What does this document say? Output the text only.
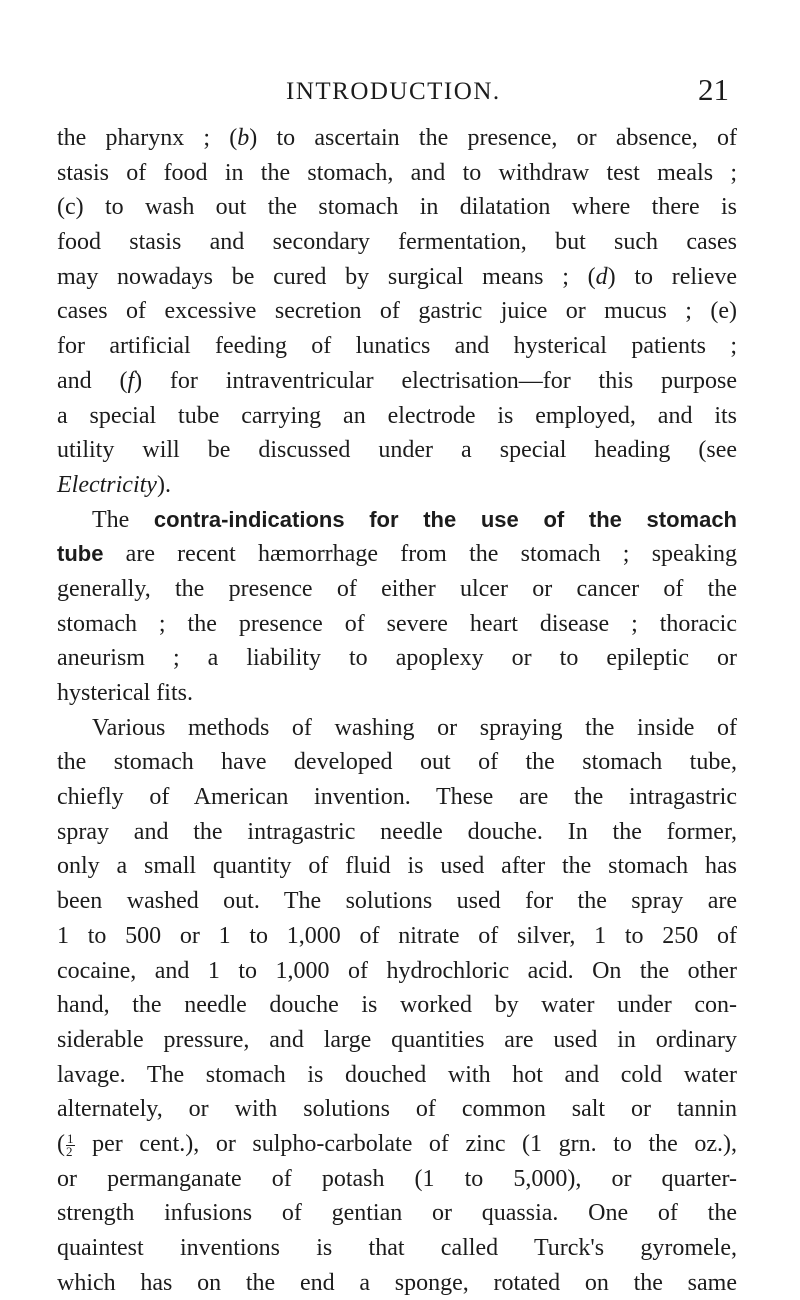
INTRODUCTION.	21
the pharynx ; (b) to ascertain the presence, or absence, of
stasis of food in the stomach, and to withdraw test meals ;
(c) to wash out the stomach in dilatation where there is
food stasis and secondary fermentation, but such cases
may nowadays be cured by surgical means ; (d) to relieve
cases of excessive secretion of gastric juice or mucus ; (e)
for artificial feeding of lunatics and hysterical patients ;
and (f) for intraventricular electrisation—for this purpose
a special tube carrying an electrode is employed, and its
utility will be discussed under a special heading (see
Electricity).
The contra-indications for the use of the stomach
tube are recent hæmorrhage from the stomach ; speaking
generally, the presence of either ulcer or cancer of the
stomach ; the presence of severe heart disease ; thoracic
aneurism ; a liability to apoplexy or to epileptic or
hysterical fits.
Various methods of washing or spraying the inside of
the stomach have developed out of the stomach tube,
chiefly of American invention. These are the intragastric
spray and the intragastric needle douche. In the former,
only a small quantity of fluid is used after the stomach has
been washed out. The solutions used for the spray are
1 to 500 or 1 to 1,000 of nitrate of silver, 1 to 250 of
cocaine, and 1 to 1,000 of hydrochloric acid. On the other
hand, the needle douche is worked by water under con-
siderable pressure, and large quantities are used in ordinary
lavage. The stomach is douched with hot and cold water
alternately, or with solutions of common salt or tannin
( $\frac{1}{2}$ per cent.), or sulpho-carbolate of zinc (1 grn. to the oz.),
or permanganate of potash (1 to 5,000), or quarter-
strength infusions of gentian or quassia. One of the
quaintest inventions is that called Turck's gyromele,
which has on the end a sponge, rotated on the same
